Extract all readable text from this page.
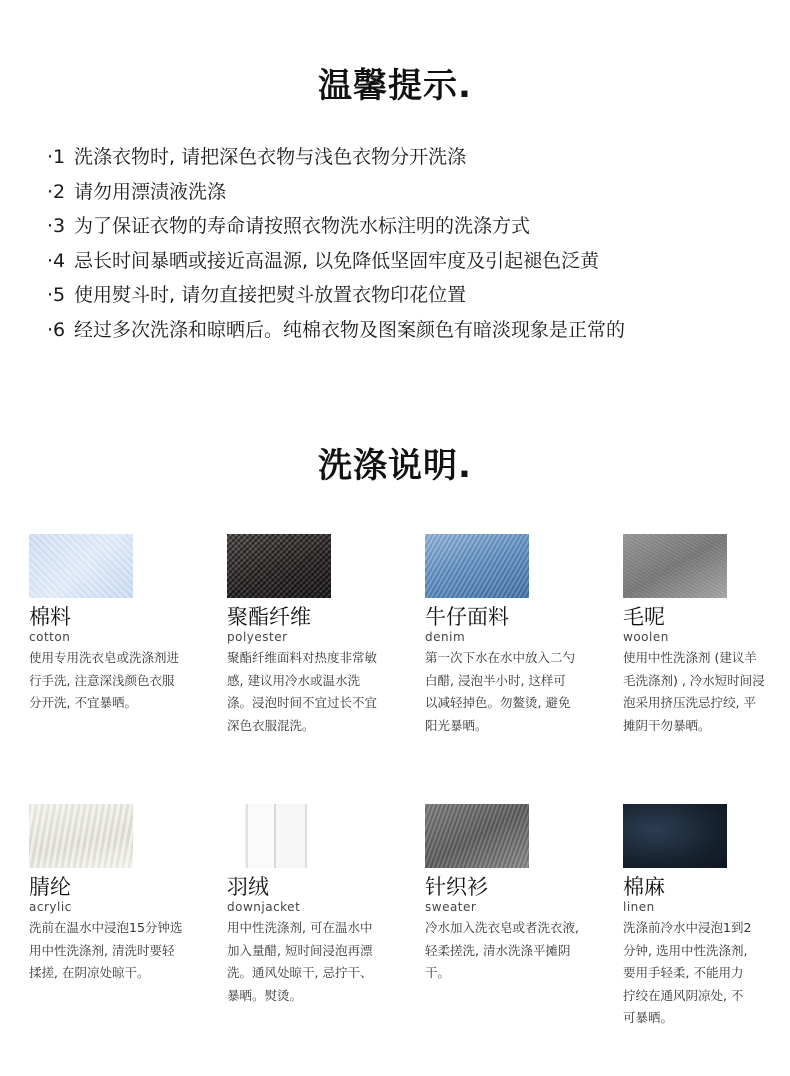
温馨提示.
·1 洗涤衣物时, 请把深色衣物与浅色衣物分开洗涤
·2 请勿用漂渍液洗涤
·3 为了保证衣物的寿命请按照衣物洗水标注明的洗涤方式
·4 忌长时间暴晒或接近高温源, 以免降低坚固牢度及引起褪色泛黄
·5 使用熨斗时, 请勿直接把熨斗放置衣物印花位置
·6 经过多次洗涤和晾晒后。纯棉衣物及图案颜色有暗淡现象是正常的
洗涤说明.
棉料
cotton
使用专用洗衣皂或洗涤剂进行手洗, 注意深浅颜色衣服分开洗, 不宜暴晒。
聚酯纤维
polyester
聚酯纤维面料对热度非常敏感, 建议用冷水或温水洗涤。浸泡时间不宜过长不宜深色衣服混洗。
牛仔面料
denim
第一次下水在水中放入二勺白醋, 浸泡半小时, 这样可以减轻掉色。勿鳌烫, 避免阳光暴晒。
毛呢
woolen
使用中性洗涤剂 (建议羊毛洗涤剂) , 冷水短时间浸泡采用挤压洗忌拧绞, 平摊阴干勿暴晒。
腈纶
acrylic
洗前在温水中浸泡15分钟选用中性洗涤剂, 清洗时要轻揉搓, 在阴凉处晾干。
羽绒
downjacket
用中性洗涤剂, 可在温水中加入量醋, 短时间浸泡再漂洗。通风处晾干, 忌拧干、暴晒。熨烫。
针织衫
sweater
冷水加入洗衣皂或者洗衣液, 轻柔搓洗, 清水洗涤平摊阴干。
棉麻
linen
洗涤前冷水中浸泡1到2分钟, 选用中性洗涤剂, 要用手轻柔, 不能用力拧绞在通风阴凉处, 不可暴晒。
